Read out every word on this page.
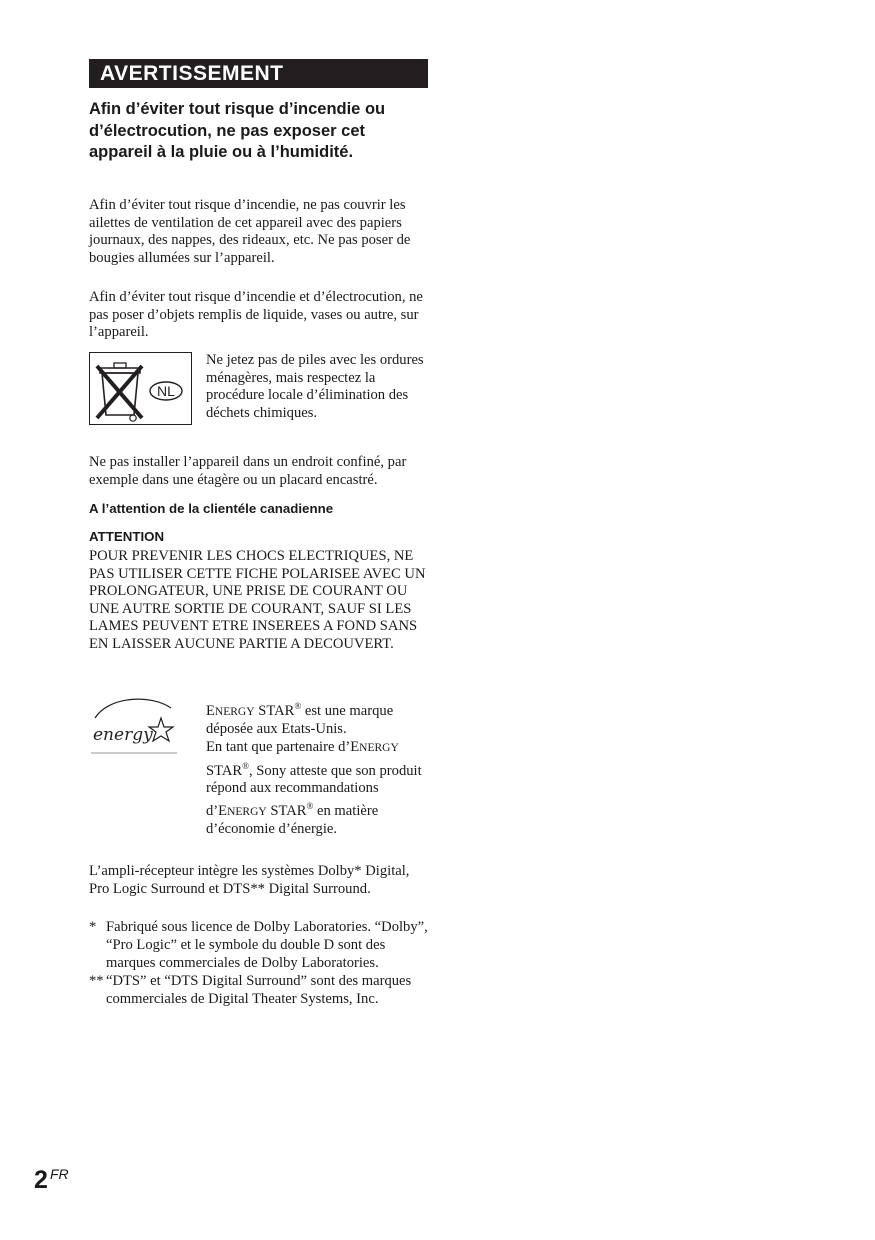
AVERTISSEMENT
Afin d’éviter tout risque d’incendie ou d’électrocution, ne pas exposer cet appareil à la pluie ou à l’humidité.

Afin d’éviter tout risque d’incendie, ne pas couvrir les ailettes de ventilation de cet appareil avec des papiers journaux, des nappes, des rideaux, etc. Ne pas poser de bougies allumées sur l’appareil.

Afin d’éviter tout risque d’incendie et d’électrocution, ne pas poser d’objets remplis de liquide, vases ou autre, sur l’appareil.

NL

Ne jetez pas de piles avec les ordures ménagères, mais respectez la procédure locale d’élimination des déchets chimiques.

Ne pas installer l’appareil dans un endroit confiné, par exemple dans une étagère ou un placard encastré.

A l’attention de la clientéle canadienne
ATTENTION

POUR PREVENIR LES CHOCS ELECTRIQUES, NE PAS UTILISER CETTE FICHE POLARISEE AVEC UN PROLONGATEUR, UNE PRISE DE COURANT OU UNE AUTRE SORTIE DE COURANT, SAUF SI LES LAMES PEUVENT ETRE INSEREES A FOND SANS EN LAISSER AUCUNE PARTIE A DECOUVERT.

energy

ENERGY STAR® est une marque déposée aux Etats-Unis.

En tant que partenaire d’ENERGY STAR®, Sony atteste que son produit répond aux recommandations d’ENERGY STAR® en matière d’économie d’énergie.

L’ampli-récepteur intègre les systèmes Dolby* Digital, Pro Logic Surround et DTS** Digital Surround.

* Fabriqué sous licence de Dolby Laboratories. “Dolby”, “Pro Logic” et le symbole du double D sont des marques commerciales de Dolby Laboratories.
** “DTS” et “DTS Digital Surround” sont des marques commerciales de Digital Theater Systems, Inc.
2 FR
